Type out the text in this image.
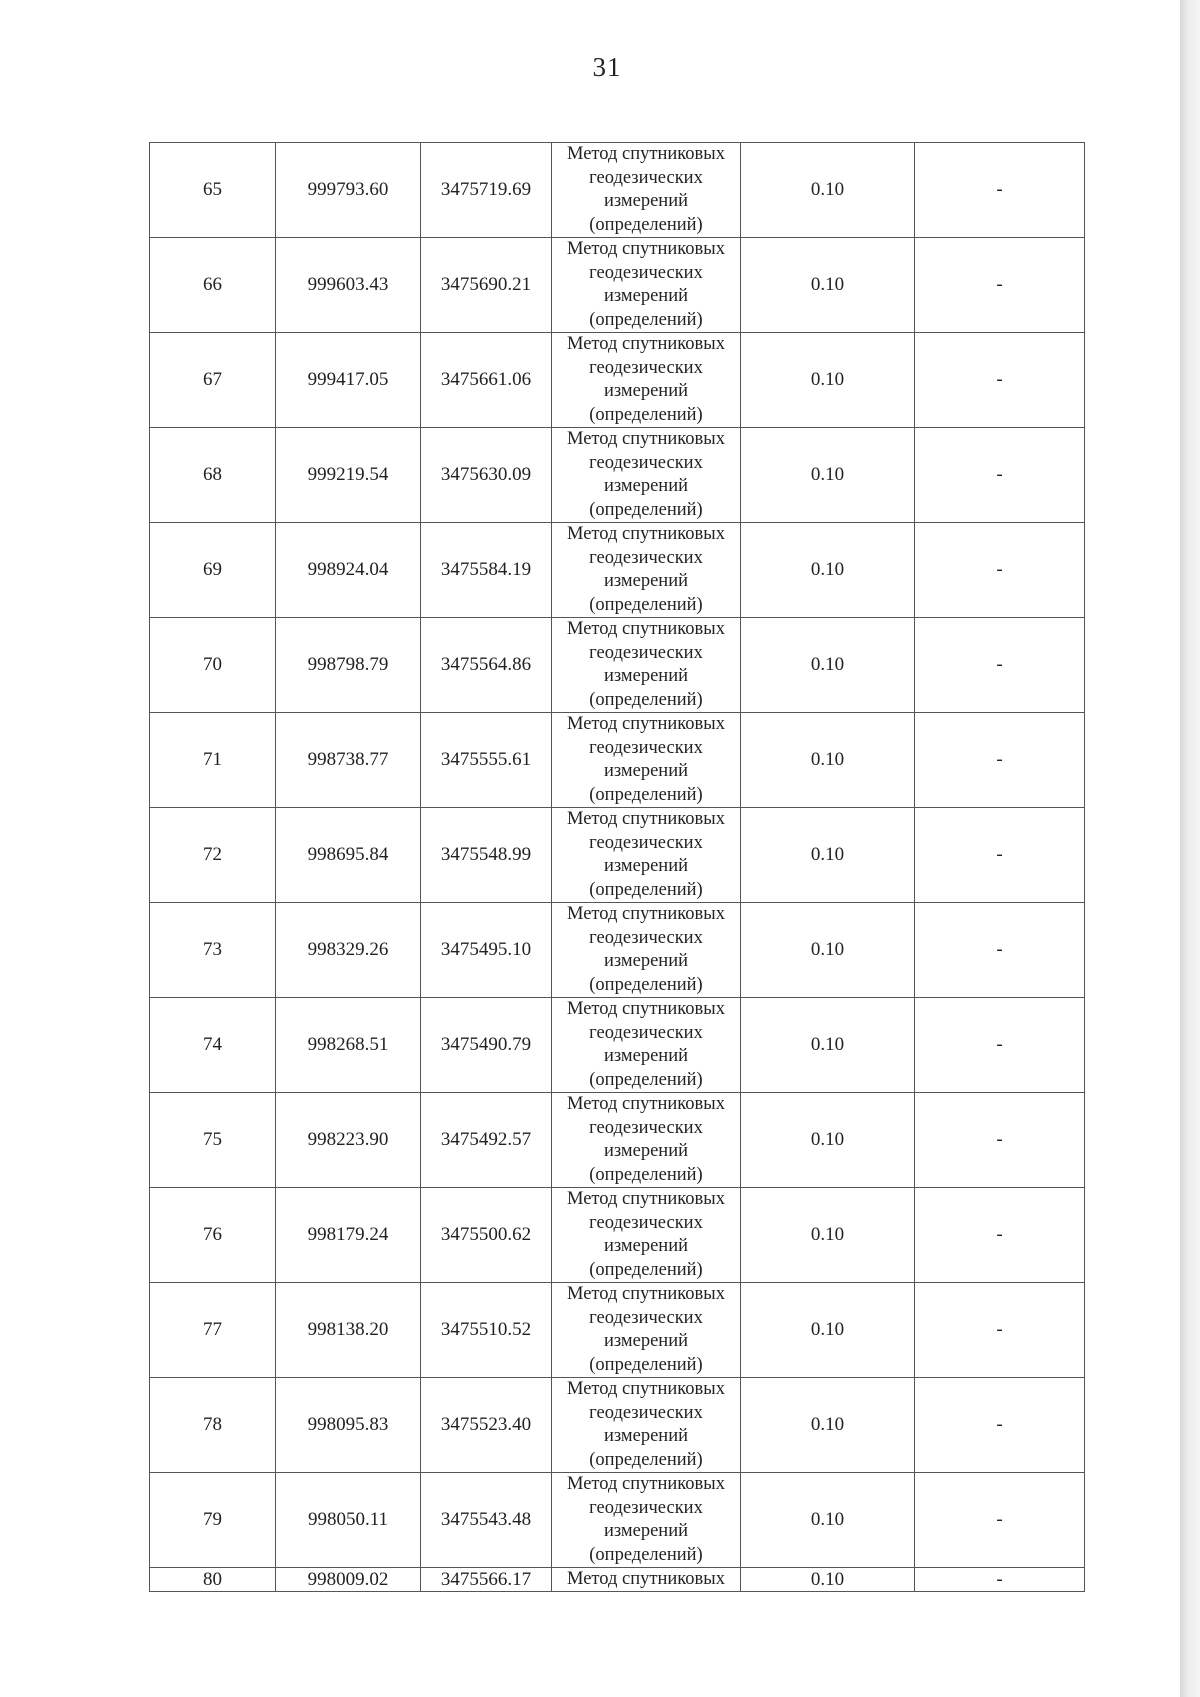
31
65	999793.60	3475719.69	Метод спутниковых геодезических измерений (определений)	0.10	-
66	999603.43	3475690.21	Метод спутниковых геодезических измерений (определений)	0.10	-
67	999417.05	3475661.06	Метод спутниковых геодезических измерений (определений)	0.10	-
68	999219.54	3475630.09	Метод спутниковых геодезических измерений (определений)	0.10	-
69	998924.04	3475584.19	Метод спутниковых геодезических измерений (определений)	0.10	-
70	998798.79	3475564.86	Метод спутниковых геодезических измерений (определений)	0.10	-
71	998738.77	3475555.61	Метод спутниковых геодезических измерений (определений)	0.10	-
72	998695.84	3475548.99	Метод спутниковых геодезических измерений (определений)	0.10	-
73	998329.26	3475495.10	Метод спутниковых геодезических измерений (определений)	0.10	-
74	998268.51	3475490.79	Метод спутниковых геодезических измерений (определений)	0.10	-
75	998223.90	3475492.57	Метод спутниковых геодезических измерений (определений)	0.10	-
76	998179.24	3475500.62	Метод спутниковых геодезических измерений (определений)	0.10	-
77	998138.20	3475510.52	Метод спутниковых геодезических измерений (определений)	0.10	-
78	998095.83	3475523.40	Метод спутниковых геодезических измерений (определений)	0.10	-
79	998050.11	3475543.48	Метод спутниковых геодезических измерений (определений)	0.10	-
80	998009.02	3475566.17	Метод спутниковых	0.10	-
